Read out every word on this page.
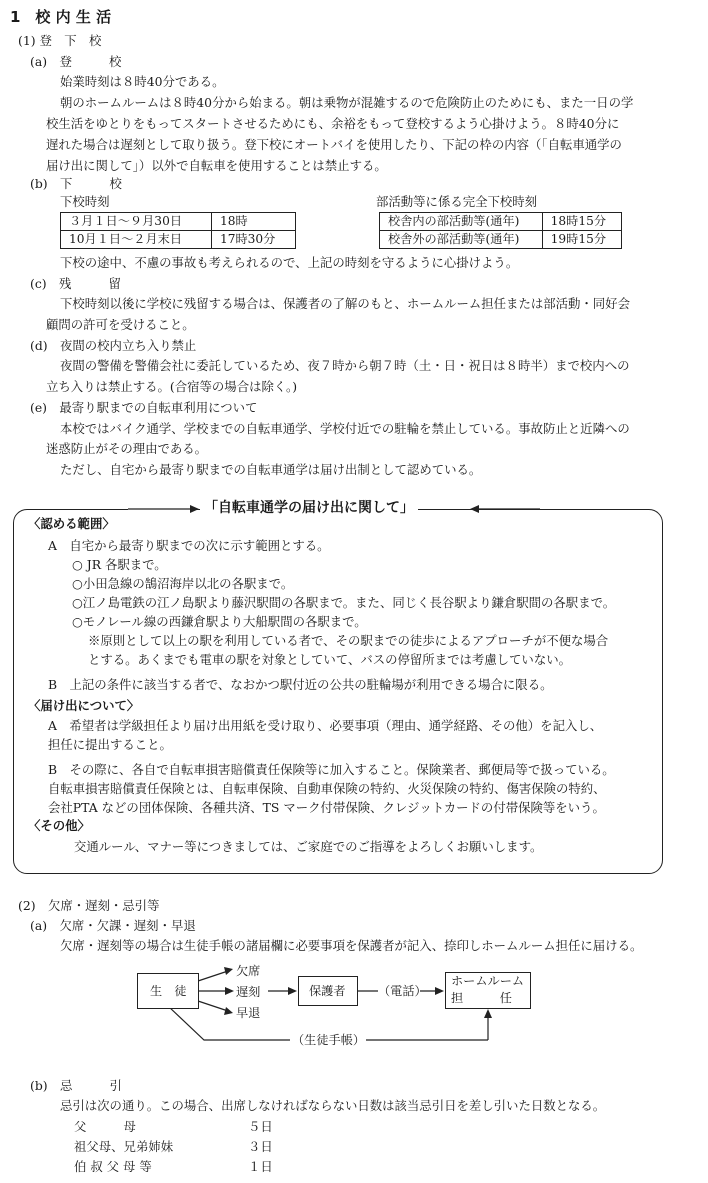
1　校 内 生 活
(1) 登　下　校
(a)　登　　　校
始業時刻は８時40分である。
朝のホームルームは８時40分から始まる。朝は乗物が混雑するので危険防止のためにも、また一日の学
校生活をゆとりをもってスタートさせるためにも、余裕をもって登校するよう心掛けよう。８時40分に
遅れた場合は遅刻として取り扱う。登下校にオートバイを使用したり、下記の枠の内容（「自転車通学の
届け出に関して」）以外で自転車を使用することは禁止する。
(b)　下　　　校
下校時刻	部活動等に係る完全下校時刻
３月１日～９月30日	18時
10月１日～２月末日	17時30分
校舎内の部活動等(通年)	18時15分
校舎外の部活動等(通年)	19時15分
下校の途中、不慮の事故も考えられるので、上記の時刻を守るように心掛けよう。
(c)　残　　　留
下校時刻以後に学校に残留する場合は、保護者の了解のもと、ホームルーム担任または部活動・同好会
顧問の許可を受けること。
(d)　夜間の校内立ち入り禁止
夜間の警備を警備会社に委託しているため、夜７時から朝７時（土・日・祝日は８時半）まで校内への
立ち入りは禁止する。(合宿等の場合は除く。)
(e)　最寄り駅までの自転車利用について
本校ではバイク通学、学校までの自転車通学、学校付近での駐輪を禁止している。事故防止と近隣への
迷惑防止がその理由である。
ただし、自宅から最寄り駅までの自転車通学は届け出制として認めている。
「自転車通学の届け出に関して」
〈認める範囲〉
A　自宅から最寄り駅までの次に示す範囲とする。
○ JR 各駅まで。
○小田急線の鵠沼海岸以北の各駅まで。
○江ノ島電鉄の江ノ島駅より藤沢駅間の各駅まで。また、同じく長谷駅より鎌倉駅間の各駅まで。
○モノレール線の西鎌倉駅より大船駅間の各駅まで。
※原則として以上の駅を利用している者で、その駅までの徒歩によるアプローチが不便な場合
とする。あくまでも電車の駅を対象としていて、バスの停留所までは考慮していない。
B　上記の条件に該当する者で、なおかつ駅付近の公共の駐輪場が利用できる場合に限る。
〈届け出について〉
A　希望者は学級担任より届け出用紙を受け取り、必要事項（理由、通学経路、その他）を記入し、
担任に提出すること。
B　その際に、各自で自転車損害賠償責任保険等に加入すること。保険業者、郵便局等で扱っている。
自転車損害賠償責任保険とは、自転車保険、自動車保険の特約、火災保険の特約、傷害保険の特約、
会社PTA などの団体保険、各種共済、TS マーク付帯保険、クレジットカードの付帯保険等をいう。
〈その他〉
交通ルール、マナー等につきましては、ご家庭でのご指導をよろしくお願いします。
(2)　欠席・遅刻・忌引等
(a)　欠席・欠課・遅刻・早退
欠席・遅刻等の場合は生徒手帳の諸届欄に必要事項を保護者が記入、捺印しホームルーム担任に届ける。
生　徒
欠席
遅刻
早退
保護者	（電話）
ホームルーム
担　　　任
（生徒手帳）
(b)　忌　　　引
忌引は次の通り。この場合、出席しなければならない日数は該当忌引日を差し引いた日数となる。
父　　　母	５日
祖父母、兄弟姉妹	３日
伯 叔 父 母 等	１日
